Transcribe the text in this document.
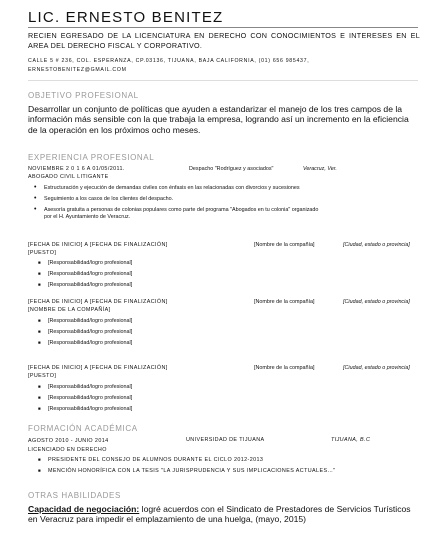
LIC. ERNESTO BENITEZ
RECIEN EGRESADO DE LA LICENCIATURA EN DERECHO CON CONOCIMIENTOS E INTERESES EN EL AREA DEL DERECHO FISCAL Y CORPORATIVO.
CALLE 5 # 236, COL. ESPERANZA, CP.03136, TIJUANA, BAJA CALIFORNIA, (01) 656 985437,
ERNESTOBENITEZ@GMAIL.COM
OBJETIVO PROFESIONAL
Desarrollar un conjunto de políticas que ayuden a estandarizar el manejo de los tres campos de la información más sensible con la que trabaja la empresa, logrando así un incremento en la eficiencia de la operación en los próximos ocho meses.
EXPERIENCIA PROFESIONAL
NOVIEMBRE 2 0 1 6 A 01/05/2011.	Despacho "Rodríguez y asociados"	Veracruz, Ver.
ABOGADO CIVIL LITIGANTE
• Estructuración y ejecución de demandas civiles con énfasis en las relacionadas con divorcios y sucesiones
• Seguimiento a los casos de los clientes del despacho.
• Asesoría gratuita a personas de colonias populares como parte del programa "Abogados en tu colonia" organizado
por el H. Ayuntamiento de Veracruz.
[FECHA DE INICIO] A [FECHA DE FINALIZACIÓN]	[Nombre de la compañía]	[Ciudad, estado o provincia]
[PUESTO]
■ [Responsabilidad/logro profesional]
■ [Responsabilidad/logro profesional]
■ [Responsabilidad/logro profesional]
[FECHA DE INICIO] A [FECHA DE FINALIZACIÓN]	[Nombre de la compañía]	[Ciudad, estado o provincia]
[NOMBRE DE LA COMPAÑÍA]
■ [Responsabilidad/logro profesional]
■ [Responsabilidad/logro profesional]
■ [Responsabilidad/logro profesional]
[FECHA DE INICIO] A [FECHA DE FINALIZACIÓN]	[Nombre de la compañía]	[Ciudad, estado o provincia]
[PUESTO]
■ [Responsabilidad/logro profesional]
■ [Responsabilidad/logro profesional]
■ [Responsabilidad/logro profesional]
FORMACIÓN ACADÉMICA
AGOSTO 2010 - JUNIO 2014	UNIVERSIDAD DE TIJUANA	TIJUANA, B.C
LICENCIADO EN DERECHO
■ PRESIDENTE DEL CONSEJO DE ALUMNOS DURANTE EL CICLO 2012-2013
■ MENCIÓN HONORÍFICA CON LA TESIS "LA JURISPRUDENCIA Y SUS IMPLICACIONES ACTUALES…"
OTRAS HABILIDADES
Capacidad de negociación: logré acuerdos con el Sindicato de Prestadores de Servicios Turísticos en Veracruz para impedir el emplazamiento de una huelga, (mayo, 2015)
